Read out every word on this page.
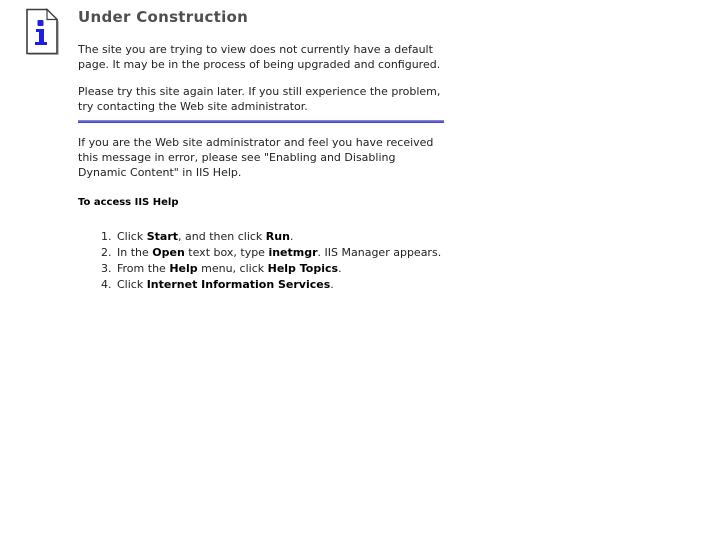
Under Construction

The site you are trying to view does not currently have a default page. It may be in the process of being upgraded and configured.

Please try this site again later. If you still experience the problem, try contacting the Web site administrator.

If you are the Web site administrator and feel you have received this message in error, please see "Enabling and Disabling Dynamic Content" in IIS Help.

To access IIS Help
1. Click Start, and then click Run.
2. In the Open text box, type inetmgr. IIS Manager appears.
3. From the Help menu, click Help Topics.
4. Click Internet Information Services.
